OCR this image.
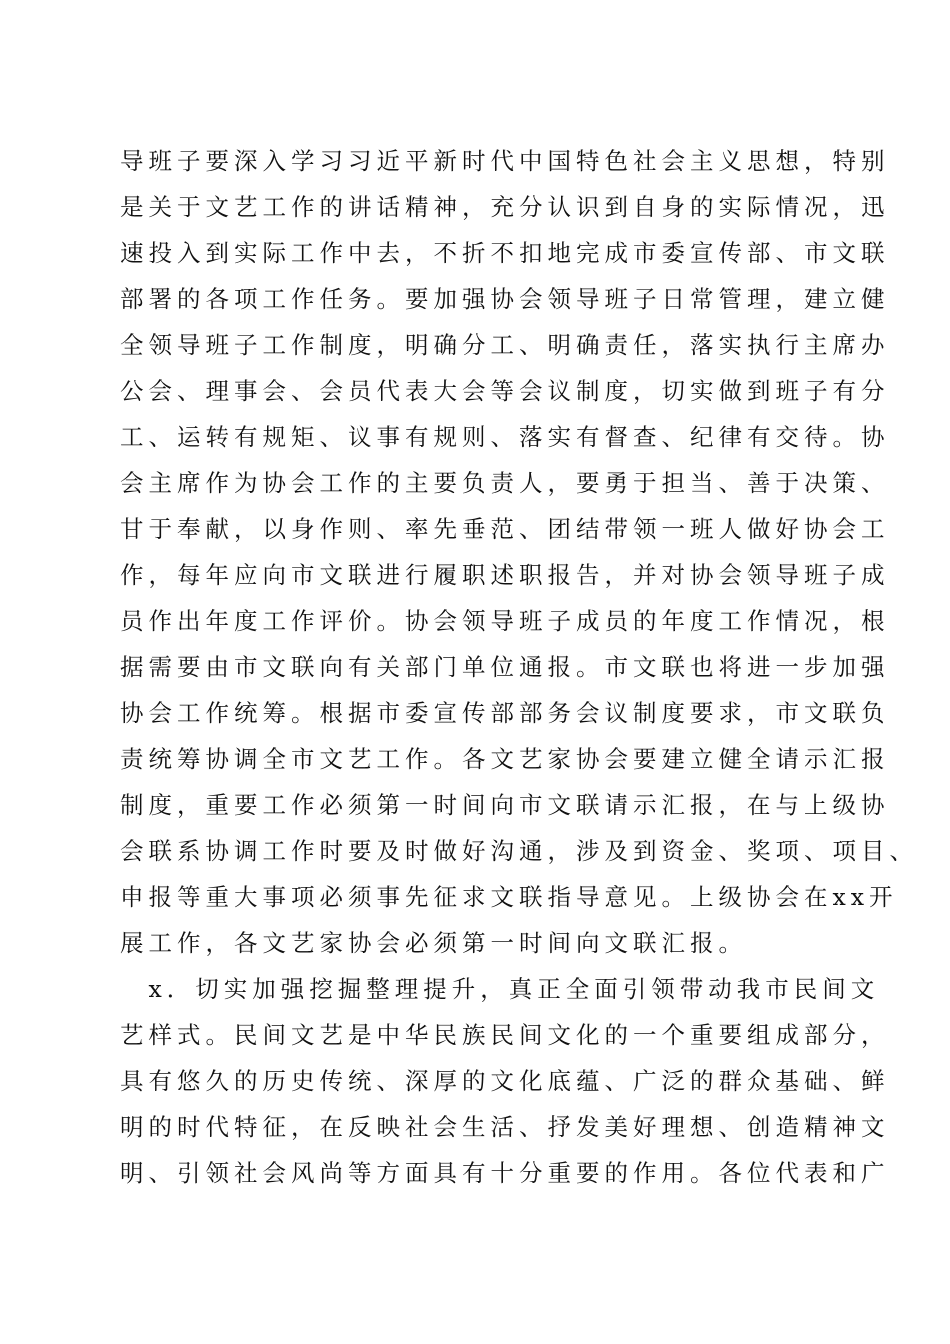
导班子要深入学习习近平新时代中国特色社会主义思想，特别
是关于文艺工作的讲话精神，充分认识到自身的实际情况，迅
速投入到实际工作中去，不折不扣地完成市委宣传部、市文联
部署的各项工作任务。要加强协会领导班子日常管理，建立健
全领导班子工作制度，明确分工、明确责任，落实执行主席办
公会、理事会、会员代表大会等会议制度，切实做到班子有分
工、运转有规矩、议事有规则、落实有督查、纪律有交待。协
会主席作为协会工作的主要负责人，要勇于担当、善于决策、
甘于奉献，以身作则、率先垂范、团结带领一班人做好协会工
作，每年应向市文联进行履职述职报告，并对协会领导班子成
员作出年度工作评价。协会领导班子成员的年度工作情况，根
据需要由市文联向有关部门单位通报。市文联也将进一步加强
协会工作统筹。根据市委宣传部部务会议制度要求，市文联负
责统筹协调全市文艺工作。各文艺家协会要建立健全请示汇报
制度，重要工作必须第一时间向市文联请示汇报，在与上级协
会联系协调工作时要及时做好沟通，涉及到资金、奖项、项目、
申报等重大事项必须事先征求文联指导意见。上级协会在xx开
展工作，各文艺家协会必须第一时间向文联汇报。
　x．切实加强挖掘整理提升，真正全面引领带动我市民间文
艺样式。民间文艺是中华民族民间文化的一个重要组成部分，
具有悠久的历史传统、深厚的文化底蕴、广泛的群众基础、鲜
明的时代特征，在反映社会生活、抒发美好理想、创造精神文
明、引领社会风尚等方面具有十分重要的作用。各位代表和广
